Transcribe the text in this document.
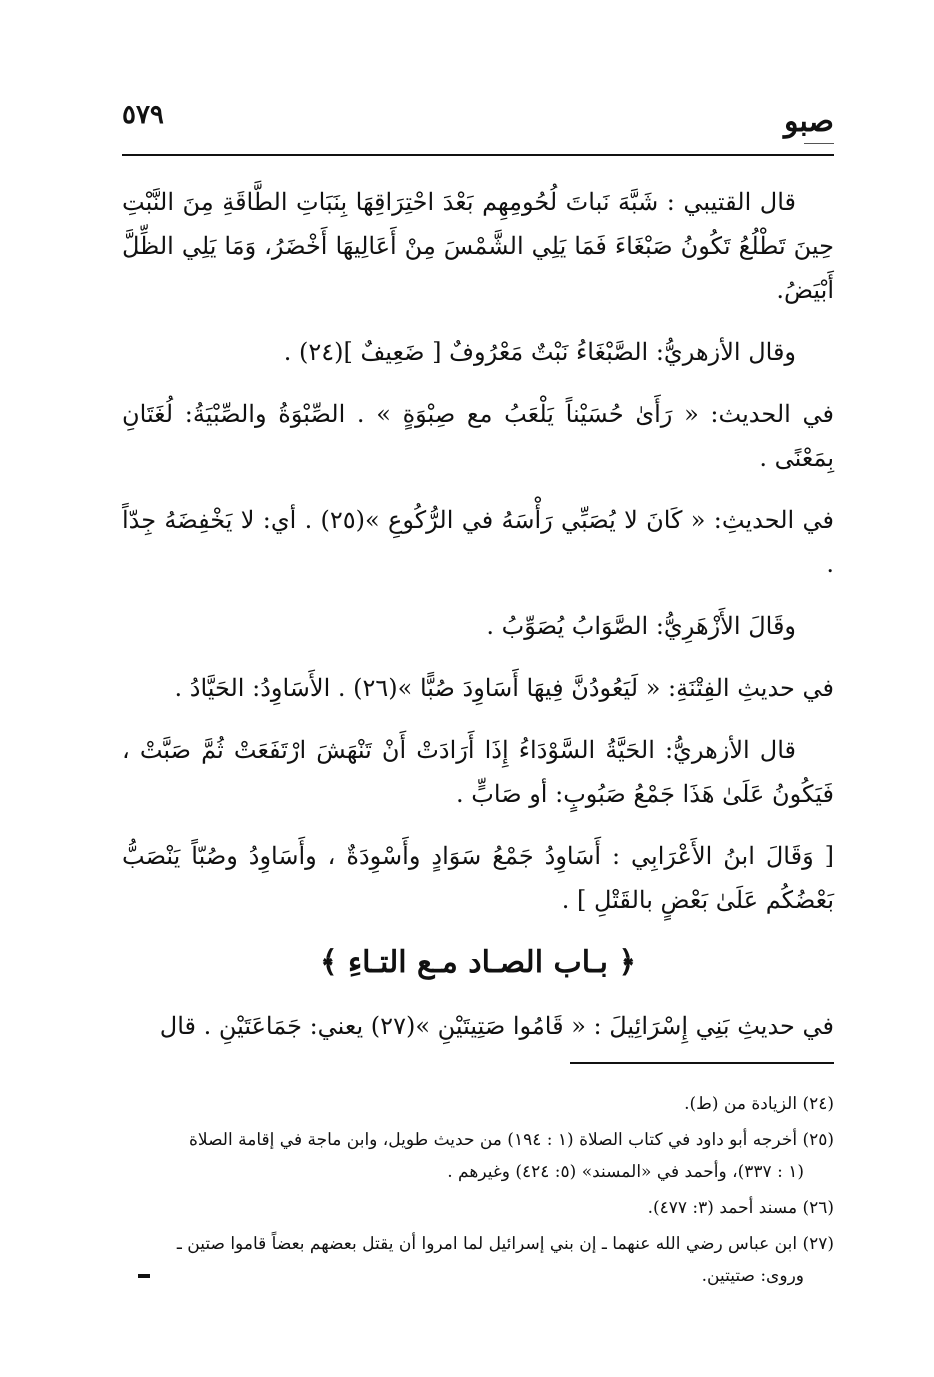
صبو
٥٧٩

قال القتيبي : شَبَّهَ نَباتَ لُحُومِهِم بَعْدَ احْتِرَاقِهَا بِنَبَاتِ الطَّاقَةِ مِنَ النَّبْتِ حِينَ تَطْلُعُ تَكُونُ صَبْغَاءَ فَمَا يَلِي الشَّمْسَ مِنْ أَعَالِيهَا أَخْضَرُ، وَمَا يَلِي الظِّلَّ أَبْيَضُ.

وقال الأزهريُّ: الصَّبْغَاءُ نَبْتٌ مَعْرُوفٌ [ ضَعِيفٌ ](٢٤) .

في الحديث: « رَأَىٰ حُسَيْناً يَلْعَبُ مع صِبْوَةٍ » . الصِّبْوَةُ والصِّبْيَةُ: لُغَتَانِ بِمَعْنًى .

في الحديثِ: « كَانَ لا يُصَبِّي رَأْسَهُ في الرُّكُوعِ »(٢٥) . أي: لا يَخْفِضَهُ جِدّاً .

وقَالَ الأَزْهَرِيُّ: الصَّوَابُ يُصَوِّبُ .

في حديثِ الفِتْنَةِ: « لَيَعُودُنَّ فِيهَا أَسَاوِدَ صُبًّا »(٢٦) . الأَسَاوِدُ: الحَيَّادُ .

قال الأزهريُّ: الحَيَّةُ السَّوْدَاءُ إِذَا أَرَادَتْ أَنْ تَنْهَشَ ارْتَفَعَتْ ثُمَّ صَبَّتْ ، فَيَكُونُ عَلَىٰ هَذَا جَمْعُ صَبُوبٍ: أو صَابٍّ .

[ وَقَالَ ابنُ الأَعْرَابِي : أَسَاوِدُ جَمْعُ سَوَادٍ وأَسْوِدَةٌ ، وأَسَاوِدُ وصُبّاً يَنْصَبُّ بَعْضُكُم عَلَىٰ بَعْضٍ بالقَتْلِ ] .

﴿ بـاب الصـاد مـع التـاءِ ﴾

في حديثِ بَنِي إِسْرَائِيلَ : « قَامُوا صَتِيتَيْنِ »(٢٧) يعني: جَمَاعَتَيْنِ . قال

(٢٤) الزيادة من (ط).

(٢٥) أخرجه أبو داود في كتاب الصلاة (١ : ١٩٤) من حديث طويل، وابن ماجة في إقامة الصلاة
(١ : ٣٣٧)، وأحمد في «المسند» (٥: ٤٢٤) وغيرهم .

(٢٦) مسند أحمد (٣: ٤٧٧).

(٢٧) ابن عباس رضي الله عنهما ـ إن بني إسرائيل لما امروا أن يقتل بعضهم بعضاً قاموا صتين ـ
وروى: صتيتين.
